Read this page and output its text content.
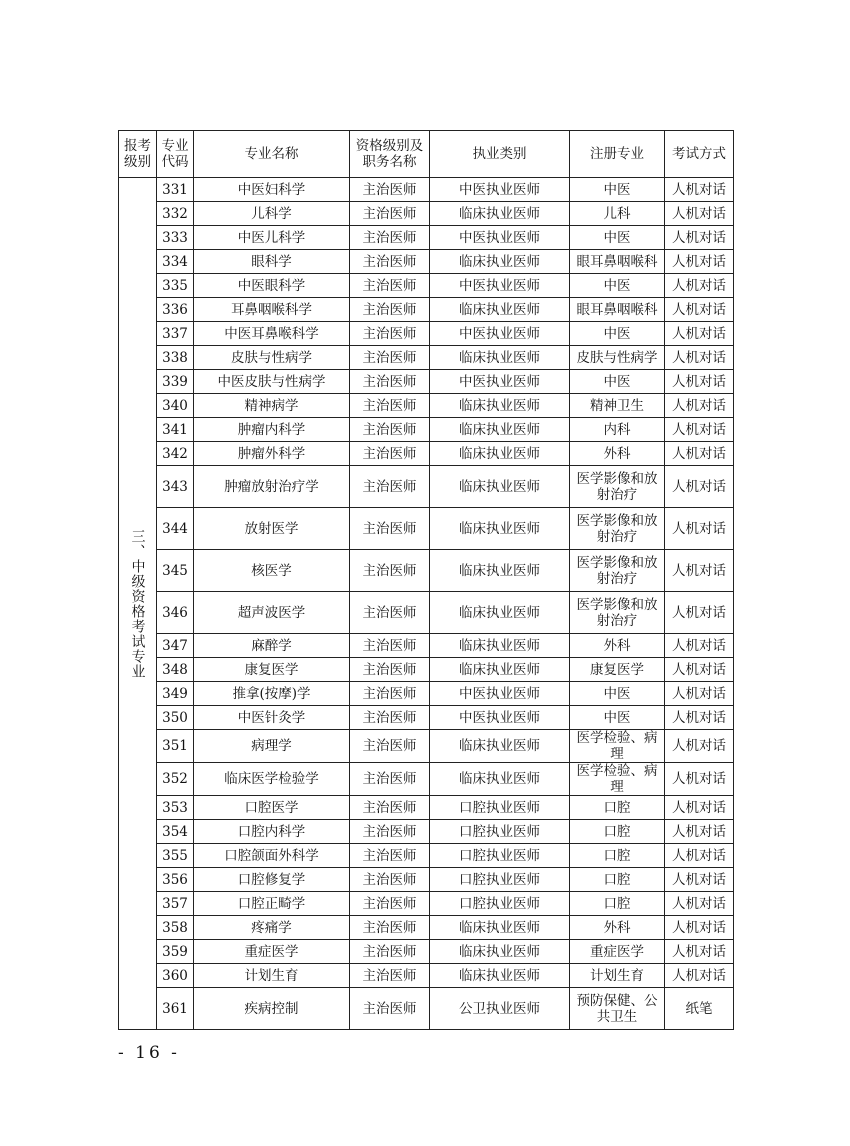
报考级别	专业代码	专业名称	资格级别及职务名称	执业类别	注册专业	考试方式
三、中级资格考试专业	331	中医妇科学	主治医师	中医执业医师	中医	人机对话
	332	儿科学	主治医师	临床执业医师	儿科	人机对话
	333	中医儿科学	主治医师	中医执业医师	中医	人机对话
	334	眼科学	主治医师	临床执业医师	眼耳鼻咽喉科	人机对话
	335	中医眼科学	主治医师	中医执业医师	中医	人机对话
	336	耳鼻咽喉科学	主治医师	临床执业医师	眼耳鼻咽喉科	人机对话
	337	中医耳鼻喉科学	主治医师	中医执业医师	中医	人机对话
	338	皮肤与性病学	主治医师	临床执业医师	皮肤与性病学	人机对话
	339	中医皮肤与性病学	主治医师	中医执业医师	中医	人机对话
	340	精神病学	主治医师	临床执业医师	精神卫生	人机对话
	341	肿瘤内科学	主治医师	临床执业医师	内科	人机对话
	342	肿瘤外科学	主治医师	临床执业医师	外科	人机对话
	343	肿瘤放射治疗学	主治医师	临床执业医师	医学影像和放射治疗	人机对话
	344	放射医学	主治医师	临床执业医师	医学影像和放射治疗	人机对话
	345	核医学	主治医师	临床执业医师	医学影像和放射治疗	人机对话
	346	超声波医学	主治医师	临床执业医师	医学影像和放射治疗	人机对话
	347	麻醉学	主治医师	临床执业医师	外科	人机对话
	348	康复医学	主治医师	临床执业医师	康复医学	人机对话
	349	推拿(按摩)学	主治医师	中医执业医师	中医	人机对话
	350	中医针灸学	主治医师	中医执业医师	中医	人机对话
	351	病理学	主治医师	临床执业医师	医学检验、病理	人机对话
	352	临床医学检验学	主治医师	临床执业医师	医学检验、病理	人机对话
	353	口腔医学	主治医师	口腔执业医师	口腔	人机对话
	354	口腔内科学	主治医师	口腔执业医师	口腔	人机对话
	355	口腔颌面外科学	主治医师	口腔执业医师	口腔	人机对话
	356	口腔修复学	主治医师	口腔执业医师	口腔	人机对话
	357	口腔正畸学	主治医师	口腔执业医师	口腔	人机对话
	358	疼痛学	主治医师	临床执业医师	外科	人机对话
	359	重症医学	主治医师	临床执业医师	重症医学	人机对话
	360	计划生育	主治医师	临床执业医师	计划生育	人机对话
	361	疾病控制	主治医师	公卫执业医师	预防保健、公共卫生	纸笔
- 16 -
